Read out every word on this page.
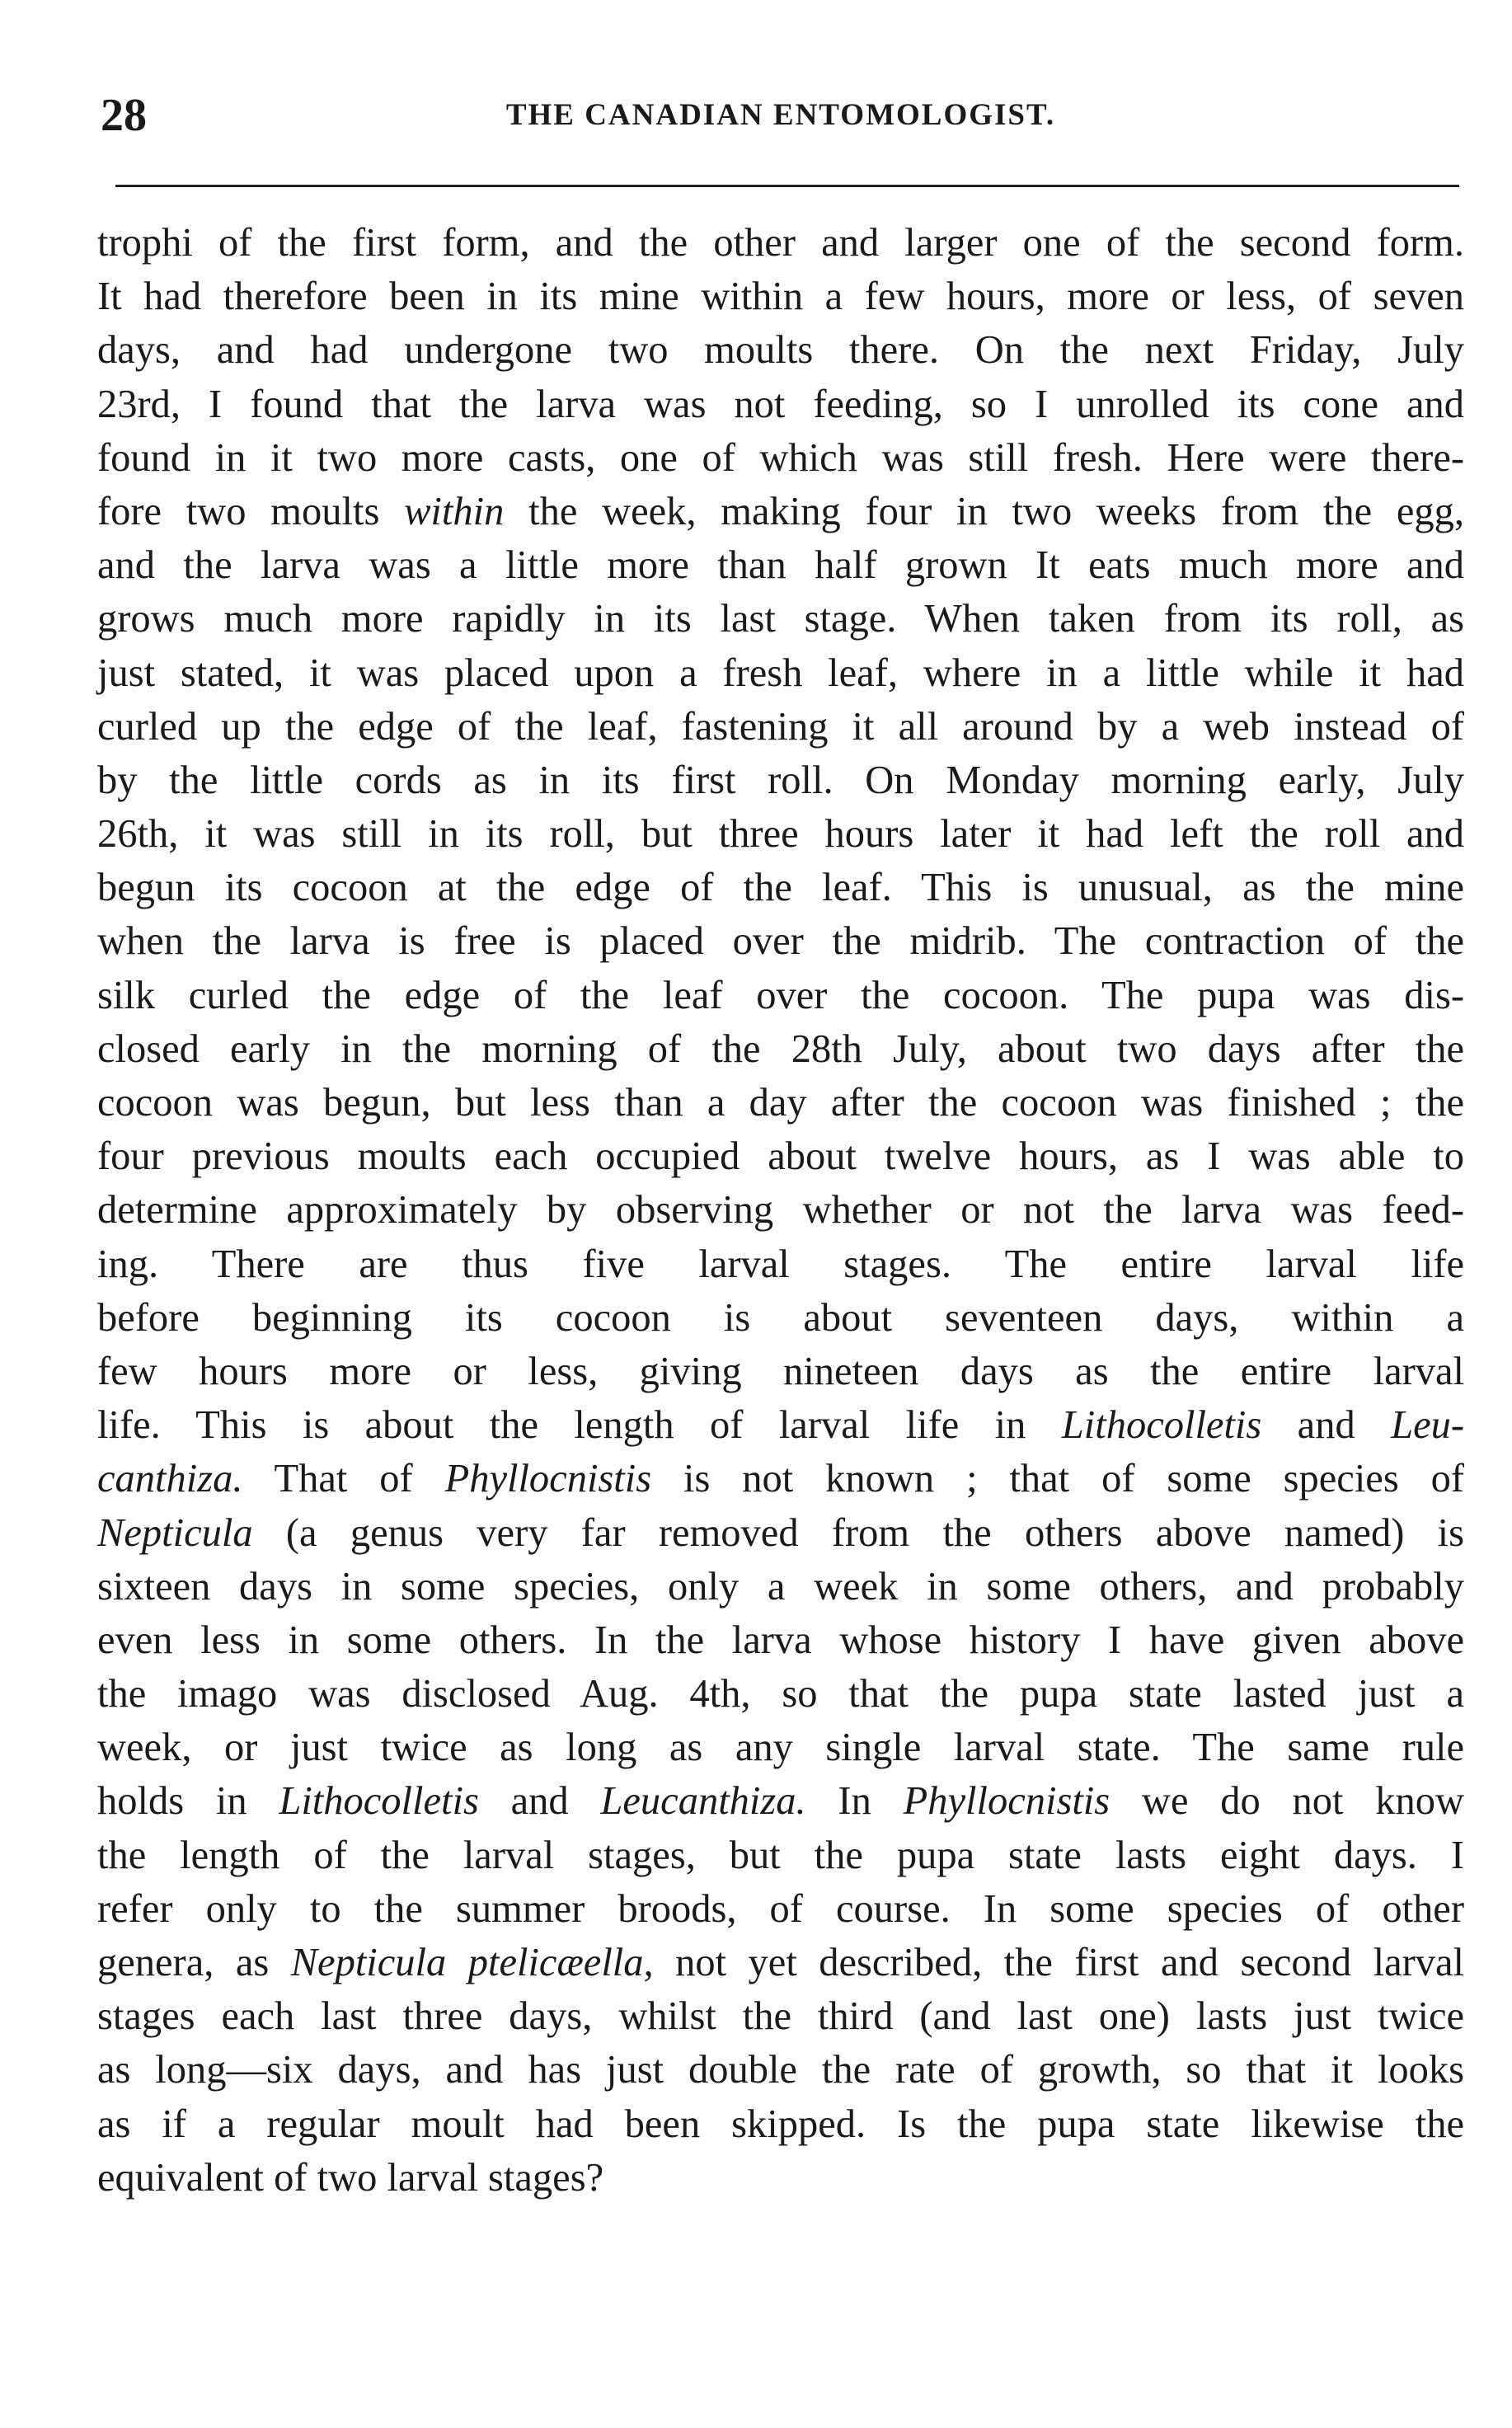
28	THE CANADIAN ENTOMOLOGIST.
trophi of the first form, and the other and larger one of the second form.
It had therefore been in its mine within a few hours, more or less, of seven
days, and had undergone two moults there. On the next Friday, July
23rd, I found that the larva was not feeding, so I unrolled its cone and
found in it two more casts, one of which was still fresh. Here were there-
fore two moults within the week, making four in two weeks from the egg,
and the larva was a little more than half grown It eats much more and
grows much more rapidly in its last stage. When taken from its roll, as
just stated, it was placed upon a fresh leaf, where in a little while it had
curled up the edge of the leaf, fastening it all around by a web instead of
by the little cords as in its first roll. On Monday morning early, July
26th, it was still in its roll, but three hours later it had left the roll and
begun its cocoon at the edge of the leaf. This is unusual, as the mine
when the larva is free is placed over the midrib. The contraction of the
silk curled the edge of the leaf over the cocoon. The pupa was dis-
closed early in the morning of the 28th July, about two days after the
cocoon was begun, but less than a day after the cocoon was finished ; the
four previous moults each occupied about twelve hours, as I was able to
determine approximately by observing whether or not the larva was feed-
ing. There are thus five larval stages. The entire larval life
before beginning its cocoon is about seventeen days, within a
few hours more or less, giving nineteen days as the entire larval
life. This is about the length of larval life in Lithocolletis and Leu-
canthiza. That of Phyllocnistis is not known ; that of some species of
Nepticula (a genus very far removed from the others above named) is
sixteen days in some species, only a week in some others, and probably
even less in some others. In the larva whose history I have given above
the imago was disclosed Aug. 4th, so that the pupa state lasted just a
week, or just twice as long as any single larval state. The same rule
holds in Lithocolletis and Leucanthiza. In Phyllocnistis we do not know
the length of the larval stages, but the pupa state lasts eight days. I
refer only to the summer broods, of course. In some species of other
genera, as Nepticula ptelicæella, not yet described, the first and second larval
stages each last three days, whilst the third (and last one) lasts just twice
as long—six days, and has just double the rate of growth, so that it looks
as if a regular moult had been skipped. Is the pupa state likewise the
equivalent of two larval stages?
